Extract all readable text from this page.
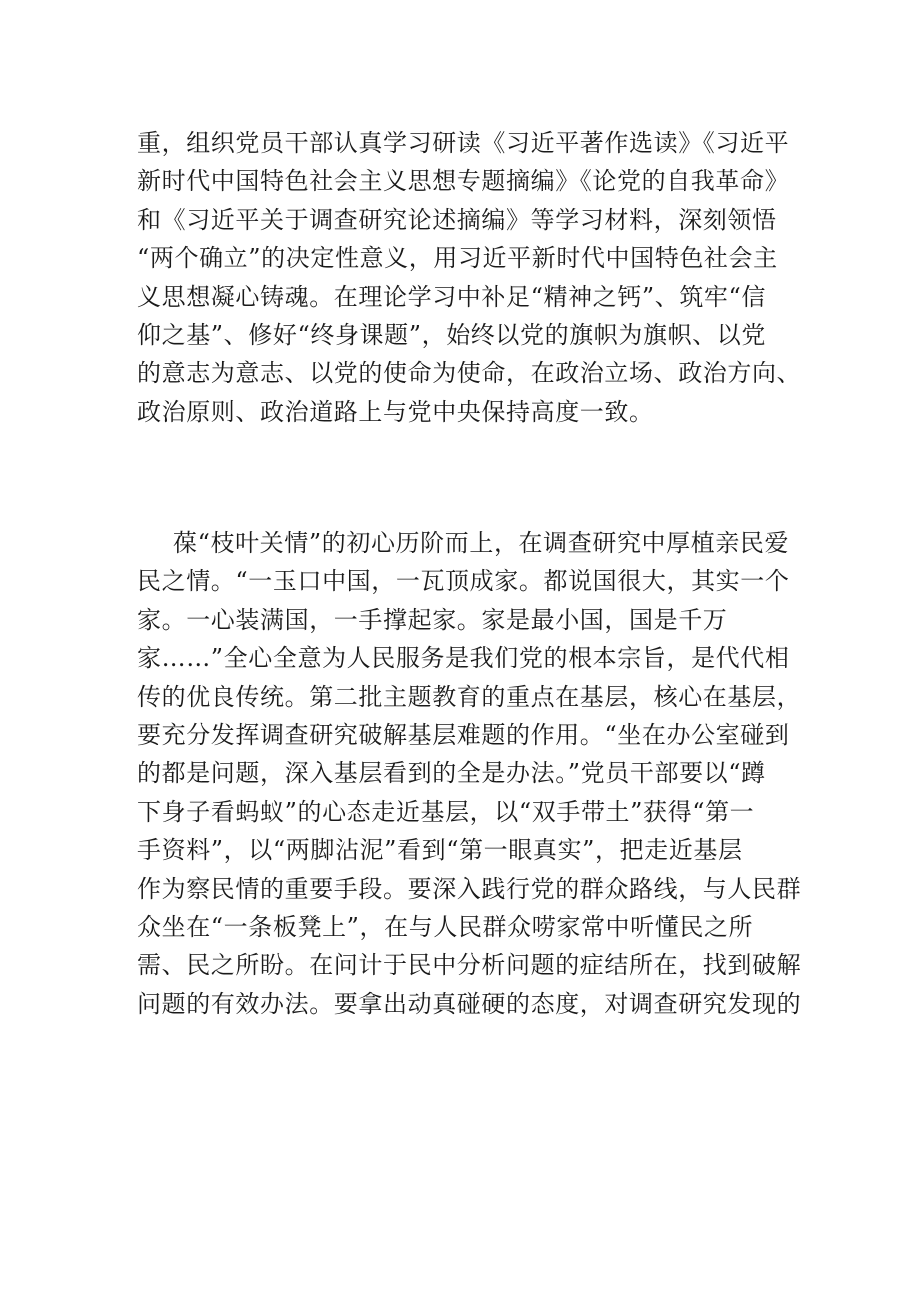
重，组织党员干部认真学习研读《习近平著作选读》《习近平
新时代中国特色社会主义思想专题摘编》《论党的自我革命》
和《习近平关于调查研究论述摘编》等学习材料，深刻领悟
“两个确立”的决定性意义，用习近平新时代中国特色社会主
义思想凝心铸魂。在理论学习中补足“精神之钙”、筑牢“信
仰之基”、修好“终身课题”，始终以党的旗帜为旗帜、以党
的意志为意志、以党的使命为使命，在政治立场、政治方向、
政治原则、政治道路上与党中央保持高度一致。
葆“枝叶关情”的初心历阶而上，在调查研究中厚植亲民爱
民之情。“一玉口中国，一瓦顶成家。都说国很大，其实一个
家。一心装满国，一手撑起家。家是最小国，国是千万
家……”全心全意为人民服务是我们党的根本宗旨，是代代相
传的优良传统。第二批主题教育的重点在基层，核心在基层，
要充分发挥调查研究破解基层难题的作用。“坐在办公室碰到
的都是问题，深入基层看到的全是办法。”党员干部要以“蹲
下身子看蚂蚁”的心态走近基层，以“双手带土”获得“第一
手资料”，以“两脚沾泥”看到“第一眼真实”，把走近基层
作为察民情的重要手段。要深入践行党的群众路线，与人民群
众坐在“一条板凳上”，在与人民群众唠家常中听懂民之所
需、民之所盼。在问计于民中分析问题的症结所在，找到破解
问题的有效办法。要拿出动真碰硬的态度，对调查研究发现的
